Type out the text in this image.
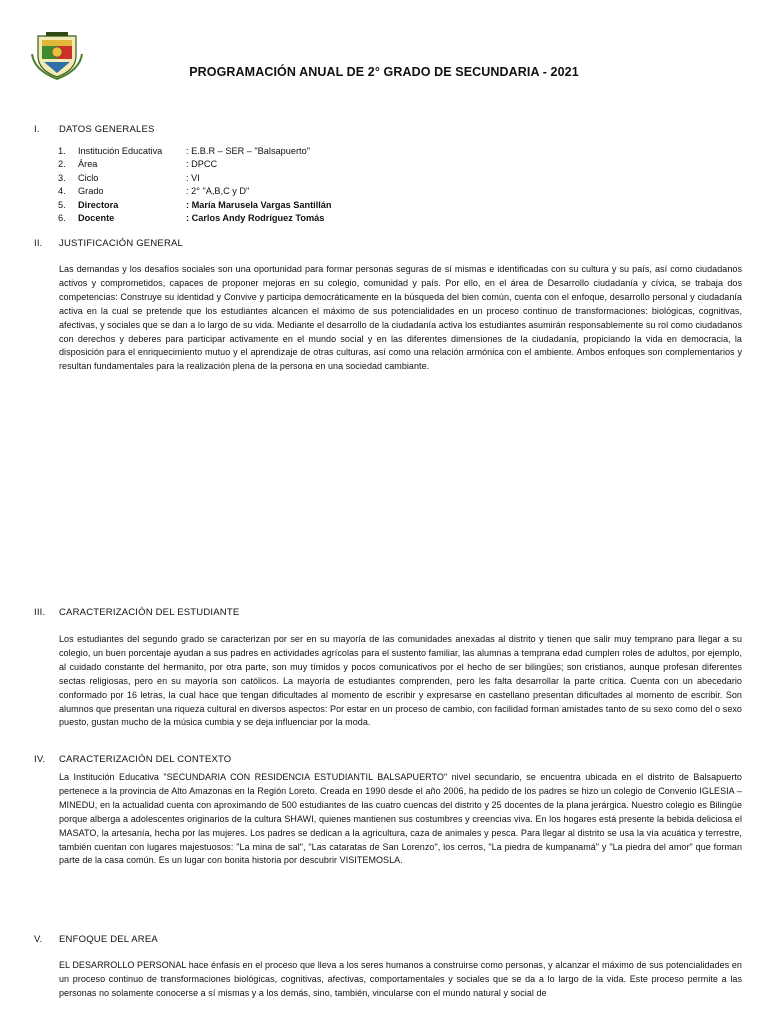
PROGRAMACIÓN ANUAL DE 2° GRADO DE SECUNDARIA - 2021
I. DATOS GENERALES
1.	Institución Educativa	: E.B.R – SER – "Balsapuerto"
2.	Área	: DPCC
3.	Ciclo	: VI
4.	Grado	: 2° "A,B,C y D"
5.	Directora	: María Marusela Vargas Santillán
6.	Docente	: Carlos Andy Rodríguez Tomás
II. JUSTIFICACIÓN GENERAL
Las demandas y los desafíos sociales son una oportunidad para formar personas seguras de sí mismas e identificadas con su cultura y su país, así como ciudadanos activos y comprometidos, capaces de proponer mejoras en su colegio, comunidad y país. Por ello, en el área de Desarrollo ciudadanía y cívica, se trabaja dos competencias: Construye su identidad y Convive y participa democráticamente en la búsqueda del bien común, cuenta con el enfoque, desarrollo personal y ciudadanía activa en la cual se pretende que los estudiantes alcancen el máximo de sus potencialidades en un proceso continuo de transformaciones: biológicas, cognitivas, afectivas, y sociales que se dan a lo largo de su vida. Mediante el desarrollo de la ciudadanía activa los estudiantes asumirán responsablemente su rol como ciudadanos con derechos y deberes para participar activamente en el mundo social y en las diferentes dimensiones de la ciudadanía, propiciando la vida en democracia, la disposición para el enriquecimiento mutuo y el aprendizaje de otras culturas, así como una relación armónica con el ambiente. Ambos enfoques son complementarios y resultan fundamentales para la realización plena de la persona en una sociedad cambiante.
III. CARACTERIZACIÓN DEL ESTUDIANTE
Los estudiantes del segundo grado se caracterizan por ser en su mayoría de las comunidades anexadas al distrito y tienen que salir muy temprano para llegar a su colegio, un buen porcentaje ayudan a sus padres en actividades agrícolas para el sustento familiar, las alumnas a temprana edad cumplen roles de adultos, por ejemplo, al cuidado constante del hermanito, por otra parte, son muy tímidos y pocos comunicativos por el hecho de ser bilingües; son cristianos, aunque profesan diferentes sectas religiosas, pero en su mayoría son católicos. La mayoría de estudiantes comprenden, pero les falta desarrollar la parte crítica. Cuenta con un abecedario conformado por 16 letras, la cual hace que tengan dificultades al momento de escribir y expresarse en castellano presentan dificultades al momento de escribir. Son alumnos que presentan una riqueza cultural en diversos aspectos: Por estar en un proceso de cambio, con facilidad forman amistades tanto de su sexo como del o sexo puesto, gustan mucho de la música cumbia y se deja influenciar por la moda.
IV. CARACTERIZACIÓN DEL CONTEXTO
La Institución Educativa "SECUNDARIA CON RESIDENCIA ESTUDIANTIL BALSAPUERTO" nivel secundario, se encuentra ubicada en el distrito de Balsapuerto pertenece a la provincia de Alto Amazonas en la Región Loreto. Creada en 1990 desde el año 2006, ha pedido de los padres se hizo un colegio de Convenio IGLESIA – MINEDU, en la actualidad cuenta con aproximando de 500 estudiantes de las cuatro cuencas del distrito y 25 docentes de la plana jerárgica. Nuestro colegio es Bilingüe porque alberga a adolescentes originarios de la cultura SHAWI, quienes mantienen sus costumbres y creencias viva. En los hogares está presente la bebida deliciosa el MASATO, la artesanía, hecha por las mujeres. Los padres se dedican a la agricultura, caza de animales y pesca. Para llegar al distrito se usa la vía acuática y terrestre, también cuentan con lugares majestuosos: "La mina de sal", "Las cataratas de San Lorenzo", los cerros, "La piedra de kumpanamá" y "La piedra del amor" que forman parte de la casa común. Es un lugar con bonita historia por descubrir VISITEMOSLA.
V. ENFOQUE DEL AREA
EL DESARROLLO PERSONAL hace énfasis en el proceso que lleva a los seres humanos a construirse como personas, y alcanzar el máximo de sus potencialidades en un proceso continuo de transformaciones biológicas, cognitivas, afectivas, comportamentales y sociales que se da a lo largo de la vida. Este proceso permite a las personas no solamente conocerse a sí mismas y a los demás, sino, también, vincularse con el mundo natural y social de
